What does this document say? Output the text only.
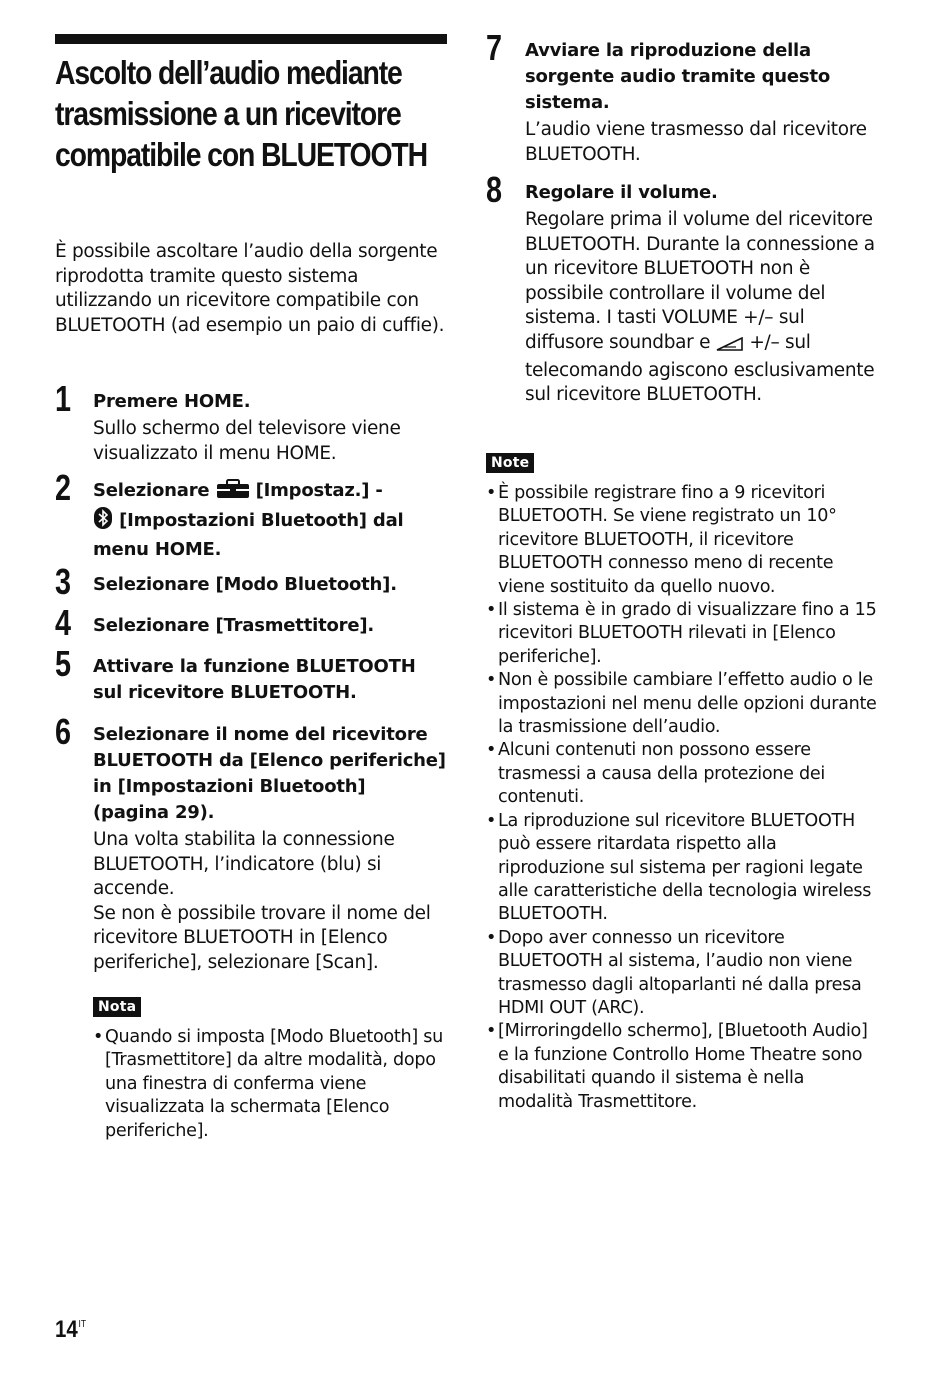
Ascolto dell’audio mediante trasmissione a un ricevitore compatibile con BLUETOOTH

È possibile ascoltare l’audio della sorgente riprodotta tramite questo sistema utilizzando un ricevitore compatibile con BLUETOOTH (ad esempio un paio di cuffie).

1 Premere HOME.

Sullo schermo del televisore viene visualizzato il menu HOME.

2 Selezionare	[Impostaz.] -
[Impostazioni Bluetooth] dal menu HOME.

3 Selezionare [Modo Bluetooth].

4 Selezionare [Trasmettitore].

5 Attivare la funzione BLUETOOTH sul ricevitore BLUETOOTH.

6 Selezionare il nome del ricevitore BLUETOOTH da [Elenco periferiche] in [Impostazioni Bluetooth] (pagina 29).

Una volta stabilita la connessione BLUETOOTH, l’indicatore (blu) si accende.

Se non è possibile trovare il nome del ricevitore BLUETOOTH in [Elenco periferiche], selezionare [Scan].

Nota
• Quando si imposta [Modo Bluetooth] su [Trasmettitore] da altre modalità, dopo una finestra di conferma viene visualizzata la schermata [Elenco periferiche].
7 Avviare la riproduzione della sorgente audio tramite questo sistema.

L’audio viene trasmesso dal ricevitore BLUETOOTH.

8 Regolare il volume.

Regolare prima il volume del ricevitore BLUETOOTH. Durante la connessione a un ricevitore BLUETOOTH non è possibile controllare il volume del sistema. I tasti VOLUME +/– sul diffusore soundbar e +/– sul telecomando agiscono esclusivamente sul ricevitore BLUETOOTH.

Note
• È possibile registrare fino a 9 ricevitori BLUETOOTH. Se viene registrato un 10° ricevitore BLUETOOTH, il ricevitore BLUETOOTH connesso meno di recente viene sostituito da quello nuovo.
• Il sistema è in grado di visualizzare fino a 15 ricevitori BLUETOOTH rilevati in [Elenco periferiche].
• Non è possibile cambiare l’effetto audio o le impostazioni nel menu delle opzioni durante la trasmissione dell’audio.
• Alcuni contenuti non possono essere trasmessi a causa della protezione dei contenuti.
• La riproduzione sul ricevitore BLUETOOTH può essere ritardata rispetto alla riproduzione sul sistema per ragioni legate alle caratteristiche della tecnologia wireless BLUETOOTH.
• Dopo aver connesso un ricevitore BLUETOOTH al sistema, l’audio non viene trasmesso dagli altoparlanti né dalla presa HDMI OUT (ARC).
• [Mirroringdello schermo], [Bluetooth Audio] e la funzione Controllo Home Theatre sono disabilitati quando il sistema è nella modalità Trasmettitore.
$14^{IT}$
